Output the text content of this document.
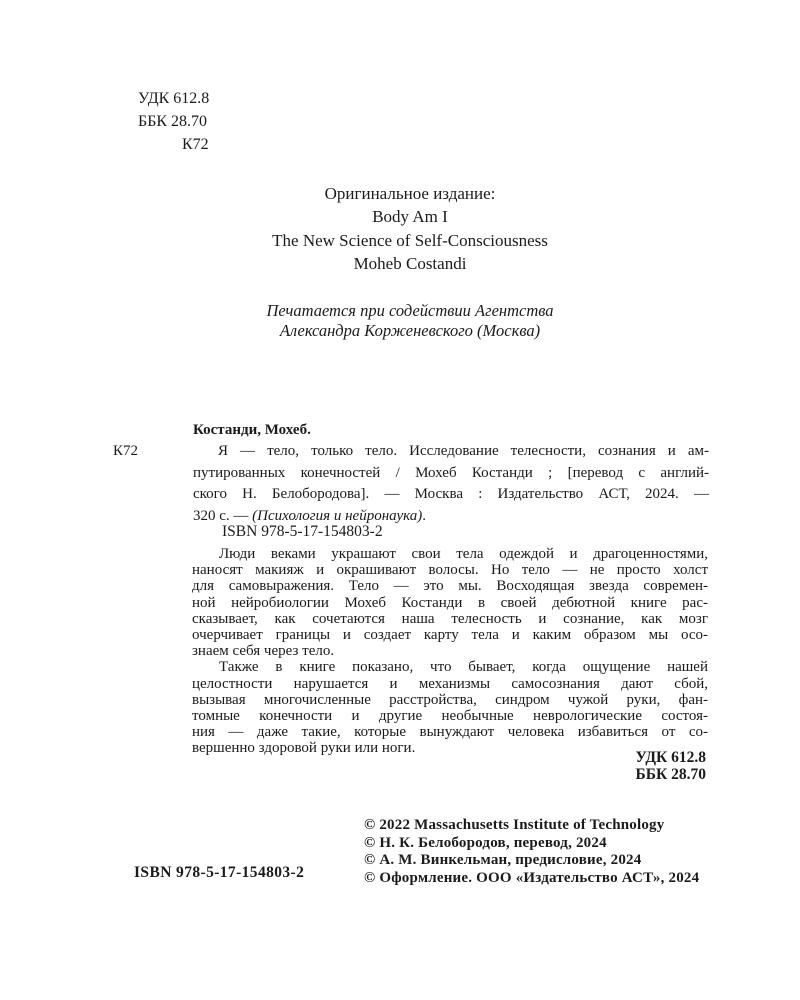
УДК 612.8
ББК 28.70
К72
Оригинальное издание:
Body Am I
The New Science of Self-Consciousness
Moheb Costandi
Печатается при содействии Агентства
Александра Корженевского (Москва)
Костанди, Мохеб.
К72	Я — тело, только тело. Исследование телесности, сознания и ам-
путированных конечностей / Мохеб Костанди ; [перевод с англий-
ского Н. Белобородова]. — Москва : Издательство АСТ, 2024. —
320 с. — (Психология и нейронаука).
ISBN 978-5-17-154803-2
Люди веками украшают свои тела одеждой и драгоценностями,
наносят макияж и окрашивают волосы. Но тело — не просто холст
для самовыражения. Тело — это мы. Восходящая звезда современ-
ной нейробиологии Мохеб Костанди в своей дебютной книге рас-
сказывает, как сочетаются наша телесность и сознание, как мозг
очерчивает границы и создает карту тела и каким образом мы осо-
знаем себя через тело.
Также в книге показано, что бывает, когда ощущение нашей
целостности нарушается и механизмы самосознания дают сбой,
вызывая многочисленные расстройства, синдром чужой руки, фан-
томные конечности и другие необычные неврологические состоя-
ния — даже такие, которые вынуждают человека избавиться от со-
вершенно здоровой руки или ноги.
УДК 612.8
ББК 28.70
© 2022 Massachusetts Institute of Technology
© Н. К. Белобородов, перевод, 2024
© А. М. Винкельман, предисловие, 2024
© Оформление. ООО «Издательство АСТ», 2024
ISBN 978-5-17-154803-2
